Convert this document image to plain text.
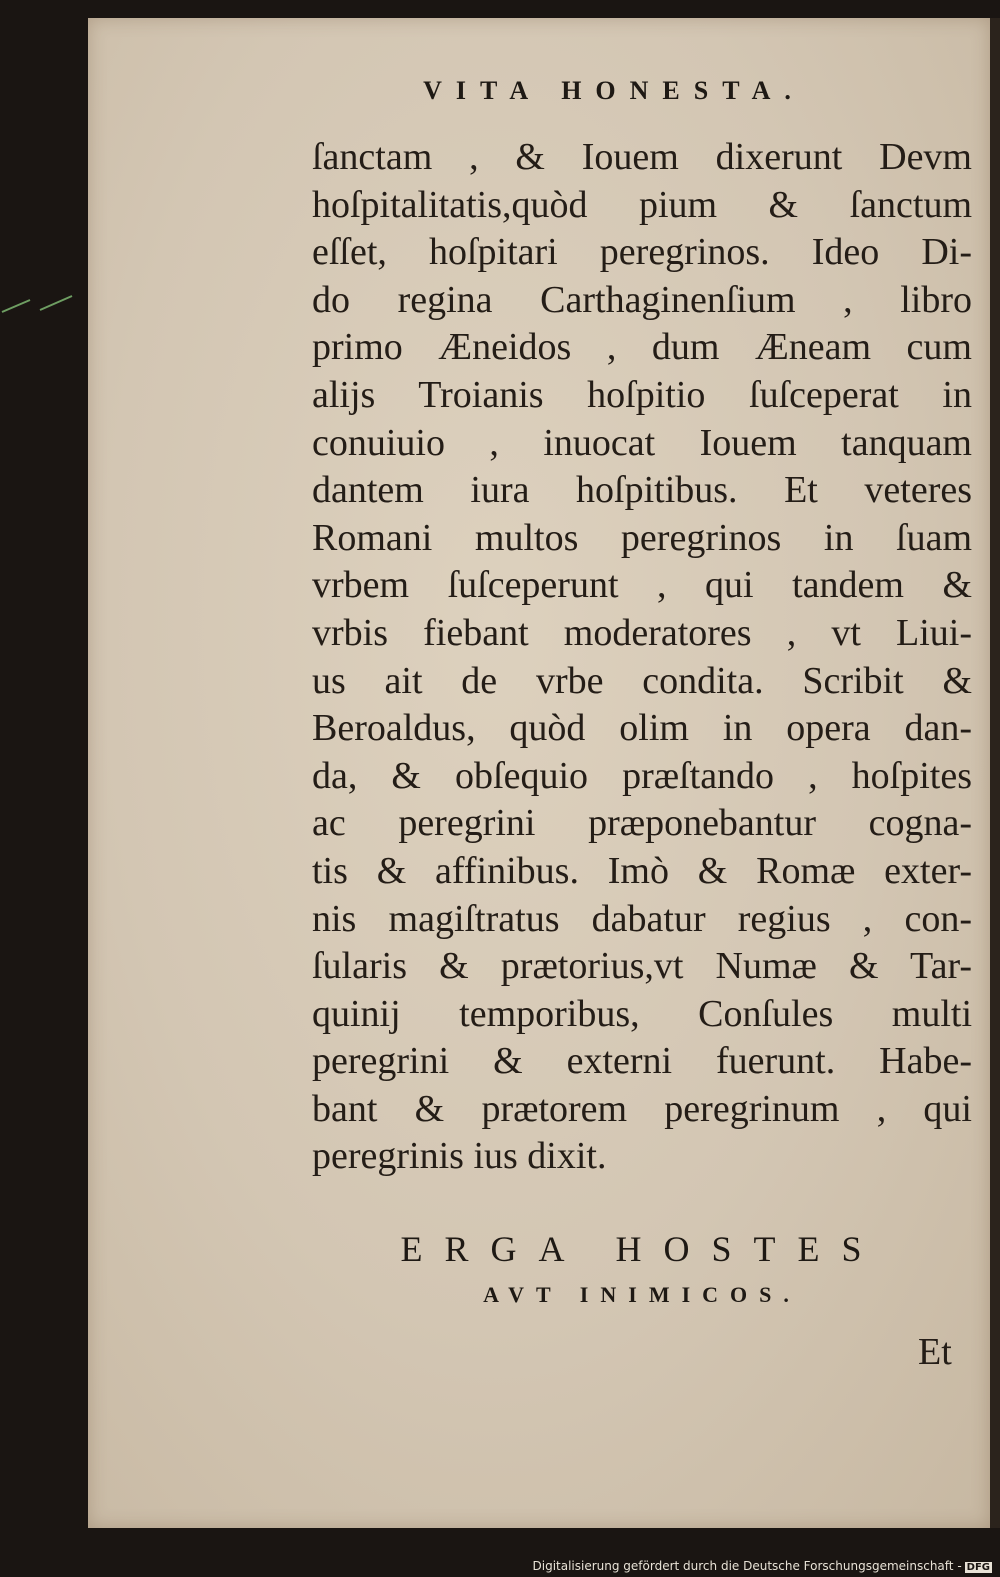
VITA HONESTA.
ſanctam , & Iouem dixerunt Devm
hoſpitalitatis,quòd pium & ſanctum
eſſet, hoſpitari peregrinos. Ideo Di-
do regina Carthaginenſium , libro
primo Æneidos , dum Æneam cum
alijs Troianis hoſpitio ſuſceperat in
conuiuio , inuocat Iouem tanquam
dantem iura hoſpitibus. Et veteres
Romani multos peregrinos in ſuam
vrbem ſuſceperunt , qui tandem &
vrbis fiebant moderatores , vt Liui-
us ait de vrbe condita. Scribit &
Beroaldus, quòd olim in opera dan-
da, & obſequio præſtando , hoſpites
ac peregrini præponebantur cogna-
tis & affinibus. Imò & Romæ exter-
nis magiſtratus dabatur regius , con-
ſularis & prætorius,vt Numæ & Tar-
quinij temporibus, Conſules multi
peregrini & externi fuerunt. Habe-
bant & prætorem peregrinum , qui
peregrinis ius dixit.
ERGA HOSTES
AVT INIMICOS.
Et
Digitalisierung gefördert durch die Deutsche Forschungsgemeinschaft - DFG
